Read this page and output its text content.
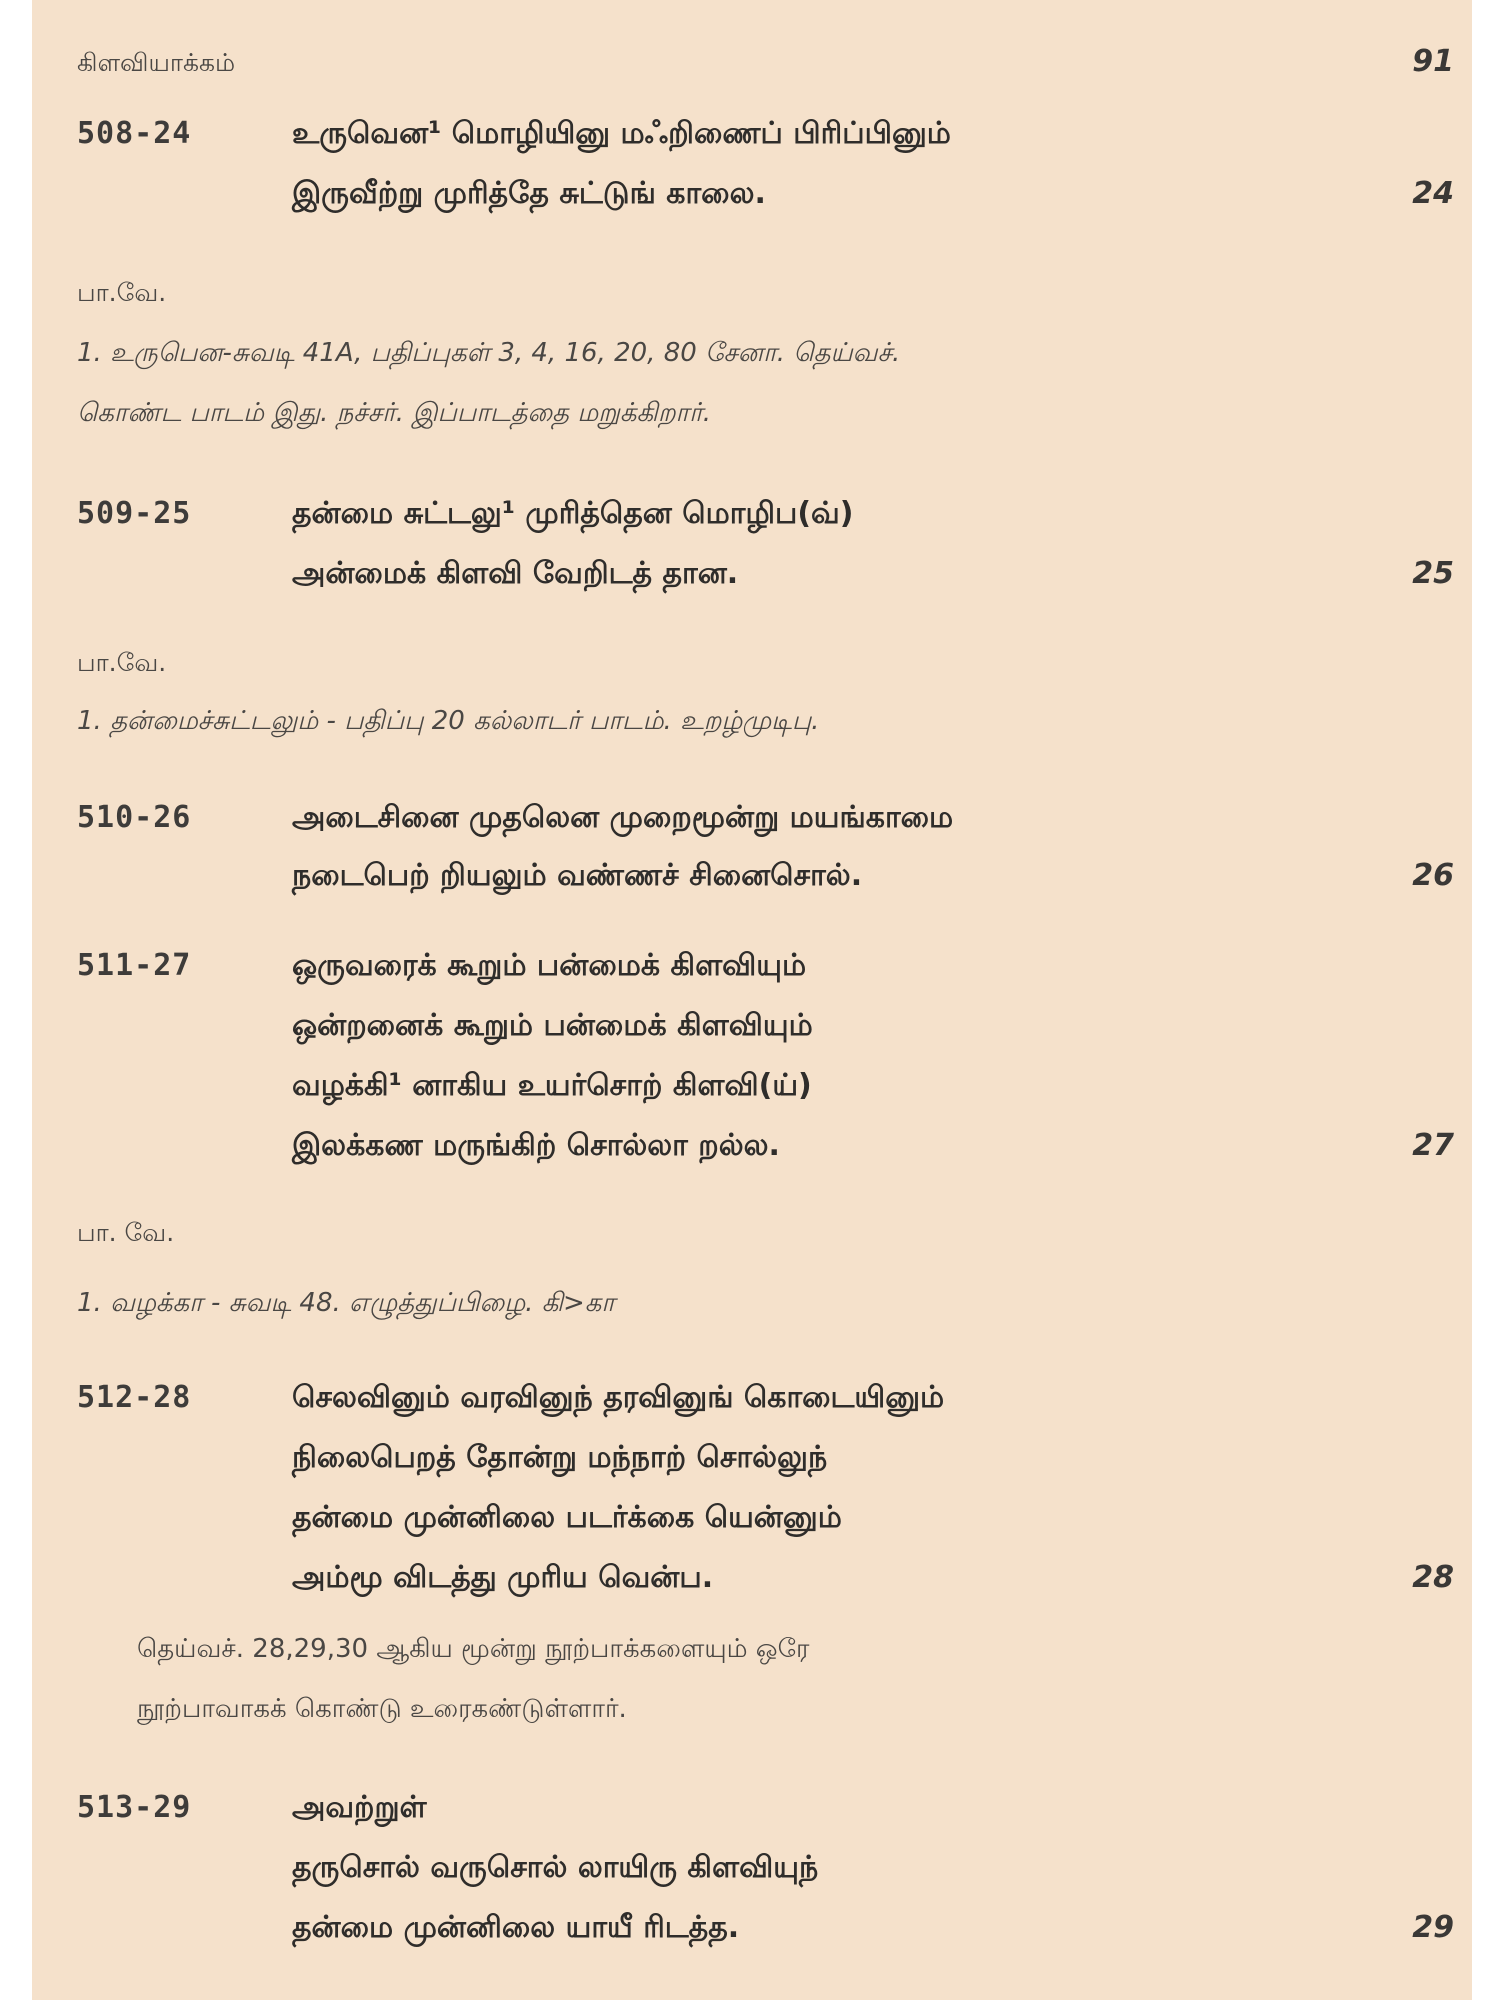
கிளவியாக்கம்	91
508-24	உருவென¹ மொழியினு மஃறிணைப் பிரிப்பினும்
இருவீற்று முரித்தே சுட்டுங் காலை.	24
பா.வே.
1. உருபென-சுவடி 41A, பதிப்புகள் 3, 4, 16, 20, 80 சேனா. தெய்வச்.
கொண்ட பாடம் இது. நச்சர். இப்பாடத்தை மறுக்கிறார்.
509-25	தன்மை சுட்டலு¹ முரித்தென மொழிப(வ்)
அன்மைக் கிளவி வேறிடத் தான.	25
பா.வே.
1. தன்மைச்சுட்டலும் - பதிப்பு 20 கல்லாடர் பாடம். உறழ்முடிபு.
510-26	அடைசினை முதலென முறைமூன்று மயங்காமை
நடைபெற் றியலும் வண்ணச் சினைசொல்.	26
511-27	ஒருவரைக் கூறும் பன்மைக் கிளவியும்
ஒன்றனைக் கூறும் பன்மைக் கிளவியும்
வழக்கி¹ னாகிய உயர்சொற் கிளவி(ய்)
இலக்கண மருங்கிற் சொல்லா றல்ல.	27
பா. வே.
1. வழக்கா - சுவடி 48. எழுத்துப்பிழை. கி>கா
512-28	செலவினும் வரவினுந் தரவினுங் கொடையினும்
நிலைபெறத் தோன்று மந்நாற் சொல்லுந்
தன்மை முன்னிலை படர்க்கை யென்னும்
அம்மூ விடத்து முரிய வென்ப.	28
தெய்வச். 28,29,30 ஆகிய மூன்று நூற்பாக்களையும் ஒரே
நூற்பாவாகக் கொண்டு உரைகண்டுள்ளார்.
513-29	அவற்றுள்
தருசொல் வருசொல் லாயிரு கிளவியுந்
தன்மை முன்னிலை யாயீ ரிடத்த.	29
